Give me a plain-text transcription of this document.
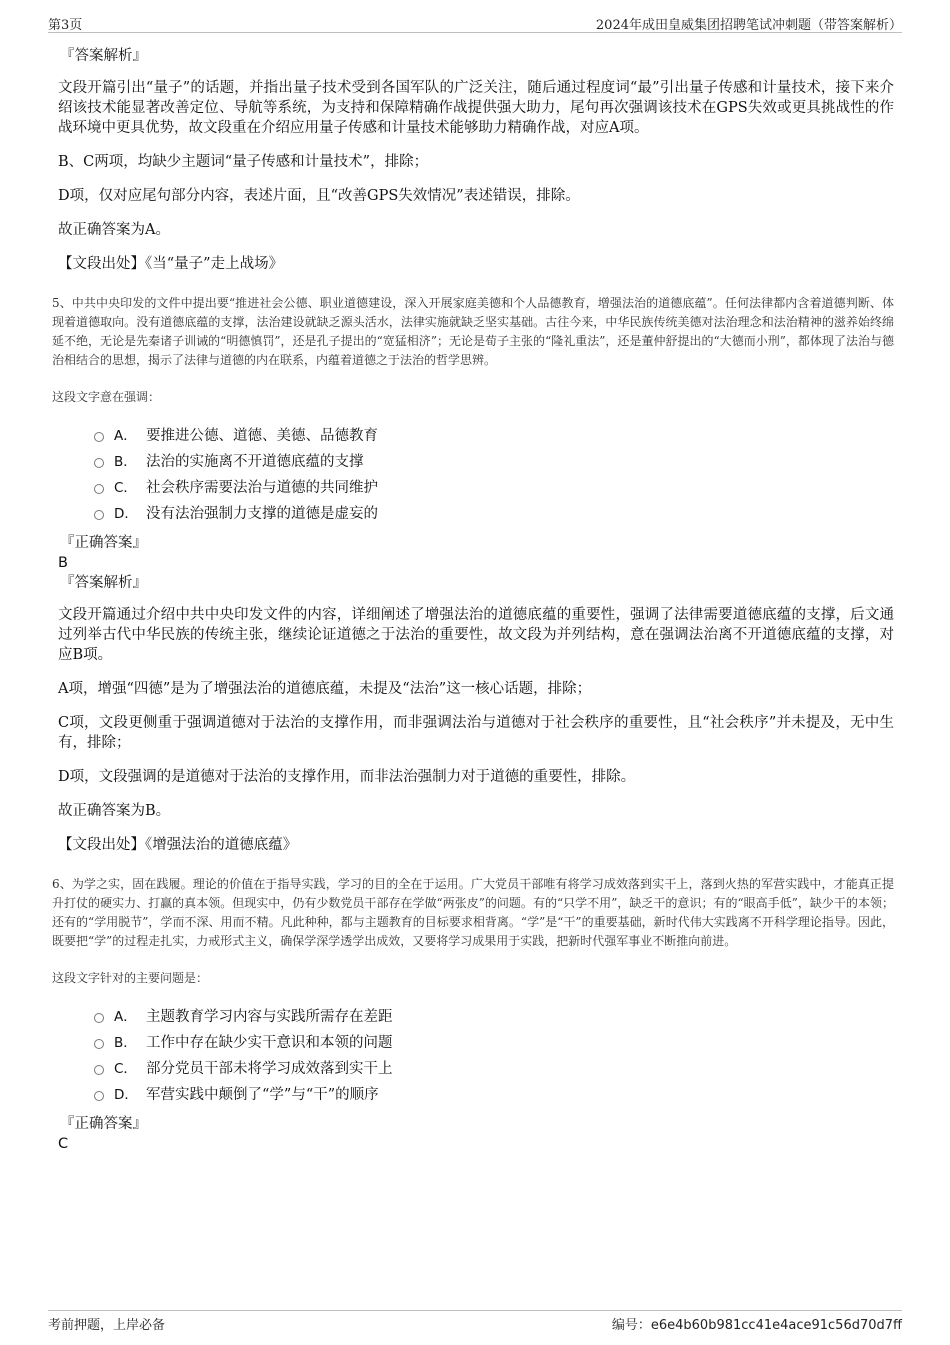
第3页	2024年成田皇威集团招聘笔试冲刺题（带答案解析）
『答案解析』
文段开篇引出“量子”的话题，并指出量子技术受到各国军队的广泛关注，随后通过程度词“最”引出量子传感和计量技术，接下来介绍该技术能显著改善定位、导航等系统，为支持和保障精确作战提供强大助力，尾句再次强调该技术在GPS失效或更具挑战性的作战环境中更具优势，故文段重在介绍应用量子传感和计量技术能够助力精确作战，对应A项。
B、C两项，均缺少主题词“量子传感和计量技术”，排除；
D项，仅对应尾句部分内容，表述片面，且“改善GPS失效情况”表述错误，排除。
故正确答案为A。
【文段出处】《当“量子”走上战场》
5、中共中央印发的文件中提出要“推进社会公德、职业道德建设，深入开展家庭美德和个人品德教育，增强法治的道德底蕴”。任何法律都内含着道德判断、体现着道德取向。没有道德底蕴的支撑，法治建设就缺乏源头活水，法律实施就缺乏坚实基础。古往今来，中华民族传统美德对法治理念和法治精神的滋养始终绵延不绝，无论是先秦诸子训诫的“明德慎罚”，还是孔子提出的“宽猛相济”；无论是荀子主张的“隆礼重法”，还是董仲舒提出的“大德而小刑”，都体现了法治与德治相结合的思想，揭示了法律与道德的内在联系，内蕴着道德之于法治的哲学思辨。
这段文字意在强调：
A． 要推进公德、道德、美德、品德教育
B． 法治的实施离不开道德底蕴的支撑
C． 社会秩序需要法治与道德的共同维护
D． 没有法治强制力支撑的道德是虚妄的
『正确答案』
B
『答案解析』
文段开篇通过介绍中共中央印发文件的内容，详细阐述了增强法治的道德底蕴的重要性，强调了法律需要道德底蕴的支撑，后文通过列举古代中华民族的传统主张，继续论证道德之于法治的重要性，故文段为并列结构，意在强调法治离不开道德底蕴的支撑，对应B项。
A项，增强“四德”是为了增强法治的道德底蕴，未提及“法治”这一核心话题，排除；
C项，文段更侧重于强调道德对于法治的支撑作用，而非强调法治与道德对于社会秩序的重要性，且“社会秩序”并未提及，无中生有，排除；
D项，文段强调的是道德对于法治的支撑作用，而非法治强制力对于道德的重要性，排除。
故正确答案为B。
【文段出处】《增强法治的道德底蕴》
6、为学之实，固在践履。理论的价值在于指导实践，学习的目的全在于运用。广大党员干部唯有将学习成效落到实干上，落到火热的军营实践中，才能真正提升打仗的硬实力、打赢的真本领。但现实中，仍有少数党员干部存在学做“两张皮”的问题。有的“只学不用”，缺乏干的意识；有的“眼高手低”，缺少干的本领；还有的“学用脱节”，学而不深、用而不精。凡此种种，都与主题教育的目标要求相背离。“学”是“干”的重要基础，新时代伟大实践离不开科学理论指导。因此，既要把“学”的过程走扎实，力戒形式主义，确保学深学透学出成效，又要将学习成果用于实践，把新时代强军事业不断推向前进。
这段文字针对的主要问题是：
A． 主题教育学习内容与实践所需存在差距
B． 工作中存在缺少实干意识和本领的问题
C． 部分党员干部未将学习成效落到实干上
D． 军营实践中颠倒了“学”与“干”的顺序
『正确答案』
C
考前押题，上岸必备	编号：e6e4b60b981cc41e4ace91c56d70d7ff
